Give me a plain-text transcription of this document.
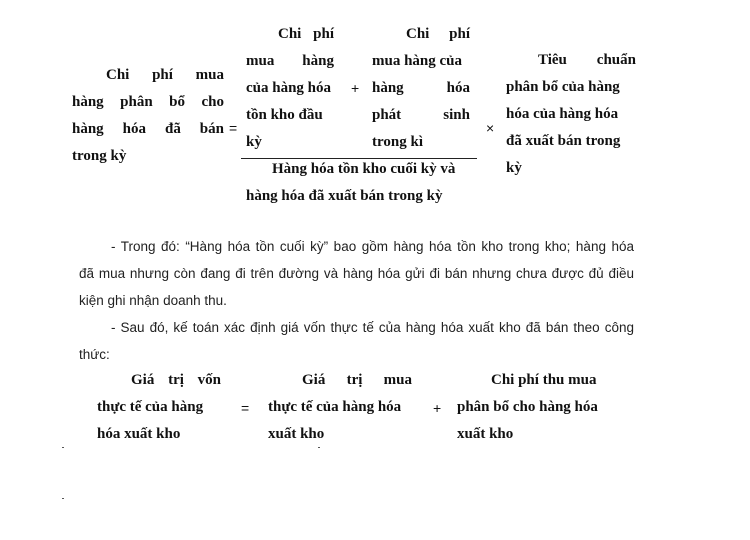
Chi phí mua
hàng phân bổ cho
hàng hóa đã bán
trong kỳ
=
Chi phí
mua hàng
của hàng hóa
tồn kho đầu
kỳ
+
Chi phí
mua hàng của
hàng hóa
phát sinh
trong kì
Hàng hóa tồn kho cuối kỳ và
hàng hóa đã xuất bán trong kỳ
×
Tiêu chuẩn
phân bổ của hàng
hóa của hàng hóa
đã xuất bán trong
kỳ
- Trong đó: “Hàng hóa tồn cuối kỳ” bao gồm hàng hóa tồn kho trong kho; hàng hóa
đã mua nhưng còn đang đi trên đường và hàng hóa gửi đi bán nhưng chưa được đủ điều
kiện ghi nhận doanh thu.
- Sau đó, kế toán xác định giá vốn thực tế của hàng hóa xuất kho đã bán theo công
thức:
Giá trị vốn
thực tế của hàng
hóa xuất kho
=
Giá trị mua
thực tế của hàng hóa
xuất kho
+
Chi phí thu mua
phân bổ cho hàng hóa
xuất kho
